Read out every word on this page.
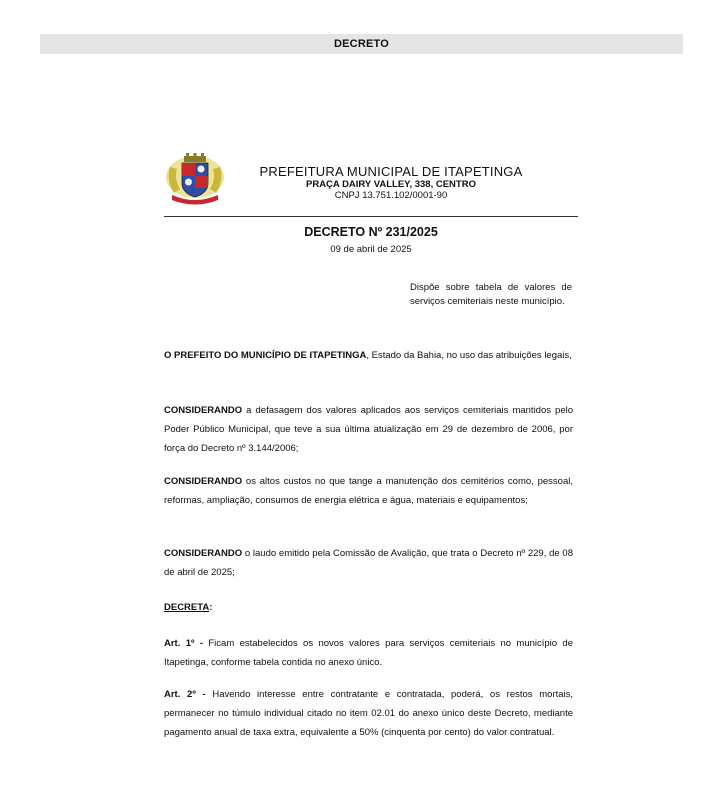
DECRETO
PREFEITURA MUNICIPAL DE ITAPETINGA
PRAÇA DAIRY VALLEY, 338, CENTRO
CNPJ 13.751.102/0001-90
DECRETO Nº 231/2025
09 de abril de 2025
Dispõe sobre tabela de valores de serviços cemiteriais neste município.

O PREFEITO DO MUNICÍPIO DE ITAPETINGA, Estado da Bahia, no uso das atribuições legais,

CONSIDERANDO a defasagem dos valores aplicados aos serviços cemiteriais mantidos pelo Poder Público Municipal, que teve a sua última atualização em 29 de dezembro de 2006, por força do Decreto nº 3.144/2006;

CONSIDERANDO os altos custos no que tange a manutenção dos cemitérios como, pessoal, reformas, ampliação, consumos de energia elétrica e água, materiais e equipamentos;

CONSIDERANDO o laudo emitido pela Comissão de Avalição, que trata o Decreto nº 229, de 08 de abril de 2025;

DECRETA:

Art. 1º - Ficam estabelecidos os novos valores para serviços cemiteriais no município de Itapetinga, conforme tabela contida no anexo único.

Art. 2º - Havendo interesse entre contratante e contratada, poderá, os restos mortais, permanecer no túmulo individual citado no item 02.01 do anexo único deste Decreto, mediante pagamento anual de taxa extra, equivalente a 50% (cinquenta por cento) do valor contratual.
